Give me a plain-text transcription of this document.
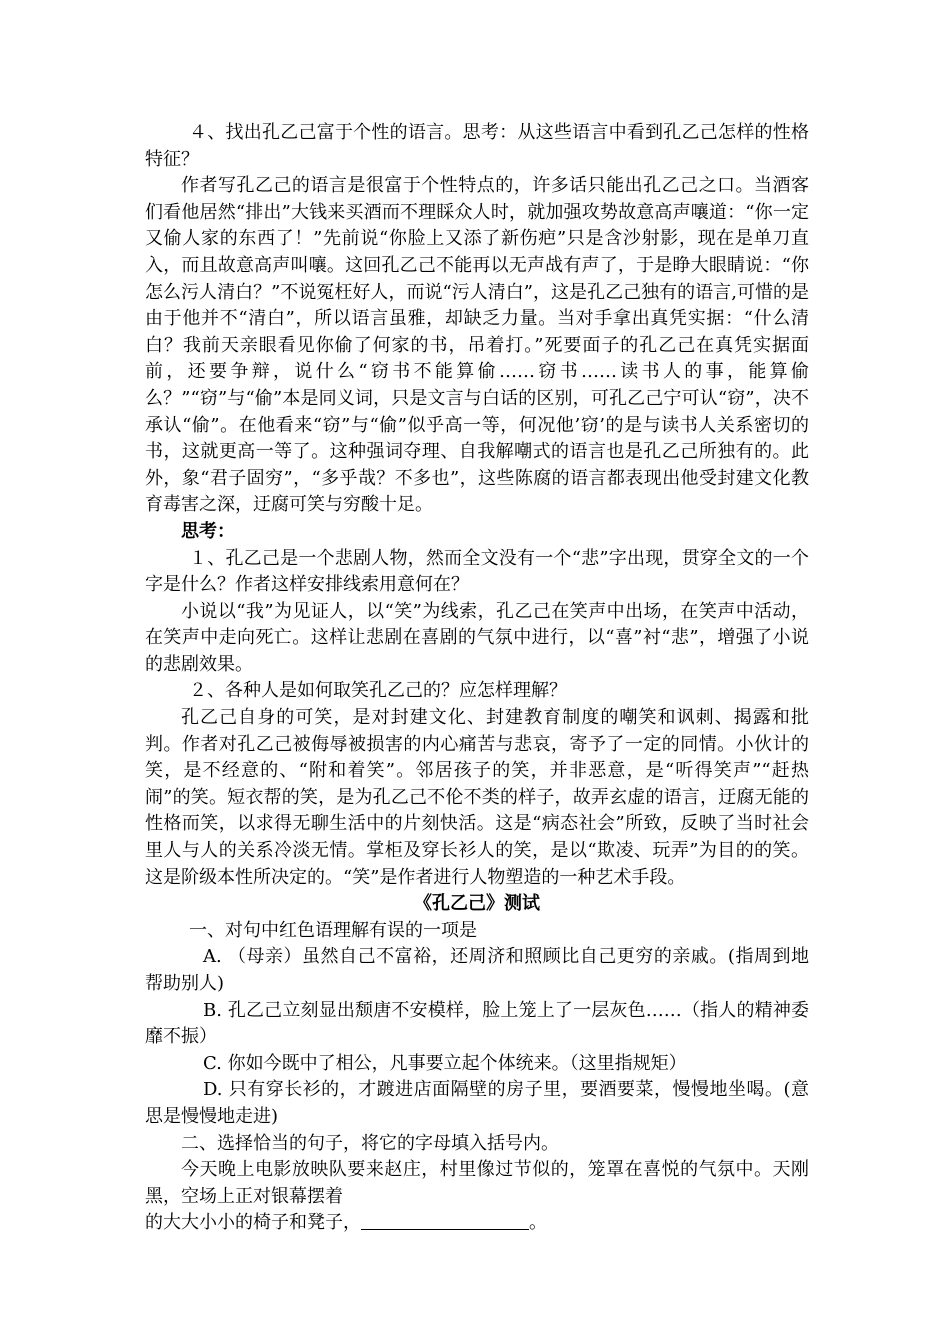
４、找出孔乙己富于个性的语言。思考：从这些语言中看到孔乙己怎样的性格特征？

作者写孔乙己的语言是很富于个性特点的，许多话只能出孔乙己之口。当酒客们看他居然“排出”大钱来买酒而不理睬众人时，就加强攻势故意高声嚷道：“你一定又偷人家的东西了！”先前说“你脸上又添了新伤疤”只是含沙射影，现在是单刀直入，而且故意高声叫嚷。这回孔乙己不能再以无声战有声了，于是睁大眼睛说：“你怎么污人清白？”不说冤枉好人，而说“污人清白”，这是孔乙己独有的语言,可惜的是由于他并不“清白”，所以语言虽雅，却缺乏力量。当对手拿出真凭实据：“什么清白？我前天亲眼看见你偷了何家的书，吊着打。”死要面子的孔乙己在真凭实据面前，还要争辩，说什么“窃书不能算偷……窃书……读书人的事，能算偷么？”“窃”与“偷”本是同义词，只是文言与白话的区别，可孔乙己宁可认“窃”，决不承认“偷”。在他看来“窃”与“偷”似乎高一等，何况他’窃’的是与读书人关系密切的书，这就更高一等了。这种强词夺理、自我解嘲式的语言也是孔乙己所独有的。此外，象“君子固穷”，“多乎哉？不多也”，这些陈腐的语言都表现出他受封建文化教育毒害之深，迂腐可笑与穷酸十足。

思考：

１、孔乙己是一个悲剧人物，然而全文没有一个“悲”字出现，贯穿全文的一个字是什么？作者这样安排线索用意何在？

小说以“我”为见证人，以“笑”为线索，孔乙己在笑声中出场，在笑声中活动，在笑声中走向死亡。这样让悲剧在喜剧的气氛中进行，以“喜”衬“悲”，增强了小说的悲剧效果。

２、各种人是如何取笑孔乙己的？应怎样理解？

孔乙己自身的可笑，是对封建文化、封建教育制度的嘲笑和讽刺、揭露和批判。作者对孔乙己被侮辱被损害的内心痛苦与悲哀，寄予了一定的同情。小伙计的笑，是不经意的、“附和着笑”。邻居孩子的笑，并非恶意，是“听得笑声”“赶热闹”的笑。短衣帮的笑，是为孔乙己不伦不类的样子，故弄玄虚的语言，迂腐无能的性格而笑，以求得无聊生活中的片刻快活。这是“病态社会”所致，反映了当时社会里人与人的关系冷淡无情。掌柜及穿长衫人的笑，是以“欺凌、玩弄”为目的的笑。这是阶级本性所决定的。“笑”是作者进行人物塑造的一种艺术手段。

《孔乙己》测试

一、对句中红色语理解有误的一项是

A. （母亲）虽然自己不富裕，还周济和照顾比自己更穷的亲戚。(指周到地帮助别人)

B. 孔乙己立刻显出颓唐不安模样，脸上笼上了一层灰色……（指人的精神委靡不振）

C. 你如今既中了相公，凡事要立起个体统来。（这里指规矩）

D. 只有穿长衫的，才踱进店面隔壁的房子里，要酒要菜，慢慢地坐喝。(意思是慢慢地走进)

二、选择恰当的句子，将它的字母填入括号内。

今天晚上电影放映队要来赵庄，村里像过节似的，笼罩在喜悦的气氛中。天刚黑，空场上正对银幕摆着

的大大小小的椅子和凳子，	。
